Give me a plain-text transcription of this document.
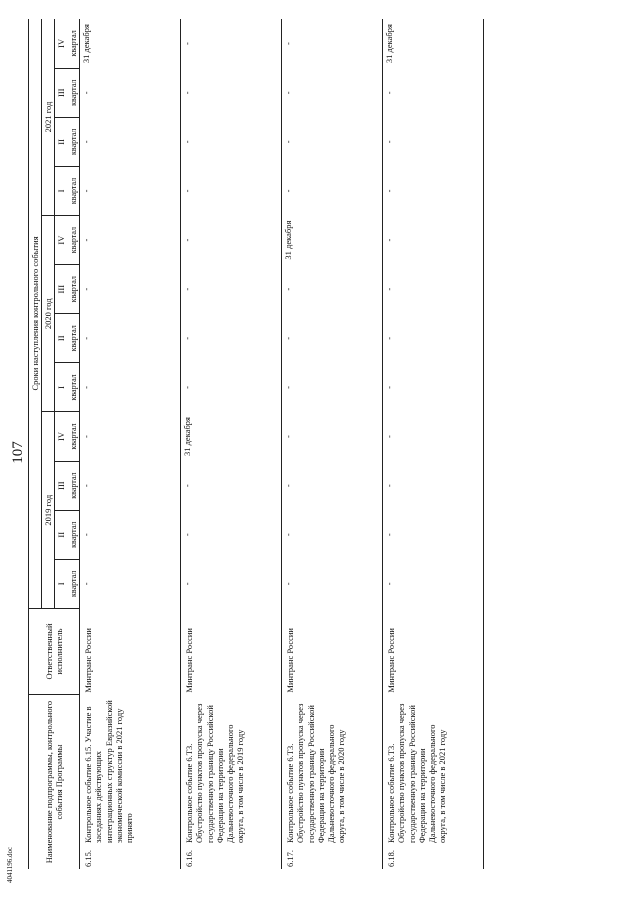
107
Наименование подпрограммы, контрольного события Программы		Ответственный исполнитель	Сроки наступления контрольного события											
			2019 год				2020 год				2021 год			
			I	II	III	IV	I	II	III	IV	I	II	III	IV
			квартал	квартал	квартал	квартал	квартал	квартал	квартал	квартал	квартал	квартал	квартал	квартал
6.15.	Контрольное событие 6.15. Участие в заседаниях действующих интеграционных структур Евразийской экономической комиссии в 2021 году принято	Минтранс России	-	-	-	-	-	-	-	-	-	-	-	31 декабря
6.16.	Контрольное событие 6.Т3. Обустройство пунктов пропуска через государственную границу Российской Федерации на территории Дальневосточного федерального округа, в том числе в 2019 году	Минтранс России	-	-	-	31 декабря	-	-	-	-	-	-	-	-
6.17.	Контрольное событие 6.Т3. Обустройство пунктов пропуска через государственную границу Российской Федерации на территории Дальневосточного федерального округа, в том числе в 2020 году	Минтранс России	-	-	-	-	-	-	-	31 декабря	-	-	-	-
6.18.	Контрольное событие 6.Т3. Обустройство пунктов пропуска через государственную границу Российской Федерации на территории Дальневосточного федерального округа, в том числе в 2021 году	Минтранс России	-	-	-	-	-	-	-	-	-	-	-	31 декабря
4041196.doc
